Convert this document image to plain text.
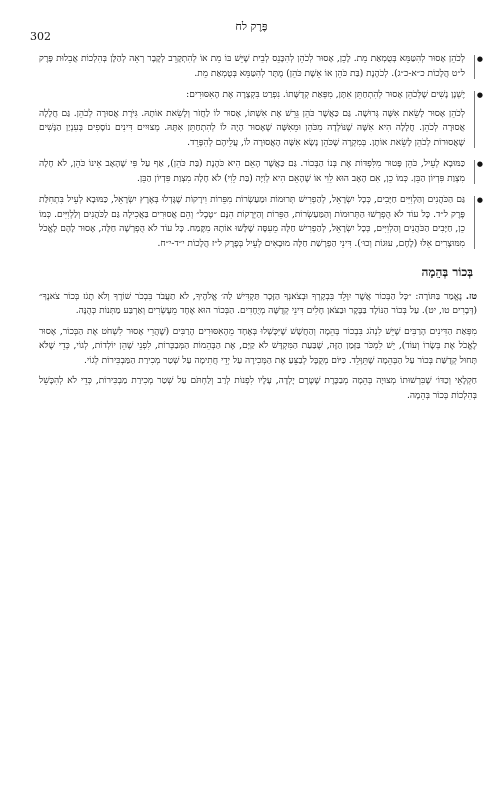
302
פֶּרֶק לח
●

לְכֹהֵן אָסוּר לְהִטַּמֵּא בְּטֻמְאַת מֵת. לָכֵן, אָסוּר לְכֹהֵן לְהִכָּנֵס לְבֵית שֶׁיֵּשׁ בּוֹ מֵת אוֹ לְהִתְקָרֵב לְקֶבֶר רְאֵה לְהַלָּן בְּהִלְכוֹת אֲבֵלוּת פֶּרֶק ל״ט הֲלָכוֹת כ״א-כ״ג). לְכֹהֶנֶת (בַּת כֹּהֵן אוֹ אֵשֶׁת כֹּהֵן) מֻתָּר לְהִטַּמֵּא בְּטֻמְאַת מֵת.

●

יֶשְׁנָן נָשִׁים שֶׁלְּכֹהֵן אָסוּר לְהִתְחַתֵּן אִתָּן, מִפְּאַת קְדֻשָּׁתוֹ. נִפְרַט בִּקְצָרָה אֶת הָאִסּוּרִים:

לְכֹהֵן אָסוּר לָשֵׂאת אִשָּׁה גְּרוּשָׁה. גַּם כַּאֲשֶׁר כֹּהֵן גֵּרֵשׁ אֶת אִשְׁתּוֹ, אָסוּר לוֹ לַחֲזֹר וְלָשֵׂאת אוֹתָהּ. גִּיֹּרֶת אֲסוּרָה לְכֹהֵן. גַּם חֲלָלָה אֲסוּרָה לְכֹהֵן. חֲלָלָה הִיא אִשָּׁה שֶׁנּוֹלְדָה מִכֹּהֵן וּמֵאִשָּׁה שֶׁאָסוּר הָיָה לוֹ לְהִתְחַתֵּן אִתָּהּ. מְצוּיִים דִּינִים נוֹסָפִים בְּעִנְיַן הַנָּשִׁים שֶׁאֲסוּרוֹת לְכֹהֵן לָשֵׂאת אוֹתָן. בְּמִקְרֶה שֶׁכֹּהֵן נָשָׂא אִשָּׁה הָאֲסוּרָה לוֹ, עֲלֵיהֶם לְהִפָּרֵד.

●

כַּמּוּבָא לְעֵיל, כֹּהֵן פָּטוּר מִלִּפְדּוֹת אֶת בְּנוֹ הַבְּכוֹר. גַּם כַּאֲשֶׁר הָאֵם הִיא כֹּהֶנֶת (בַּת כֹּהֵן), אַף עַל פִּי שֶׁהָאָב אֵינוֹ כֹּהֵן, לֹא חָלָה מִצְוַת פִּדְיוֹן הַבֵּן. כְּמוֹ כֵן, אִם הָאָב הוּא לֵוִי אוֹ שֶׁהָאֵם הִיא לְוִיָּה (בַּת לֵוִי) לֹא חָלָה מִצְוַת פִּדְיוֹן הַבֵּן.

●

גַּם הַכֹּהֲנִים וְהַלְוִיִּים חַיָּבִים, כְּכָל יִשְׂרָאֵל, לְהַפְרִישׁ תְּרוּמוֹת וּמַעַשְׂרוֹת מִפֵּרוֹת וִירָקוֹת שֶׁגָּדְלוּ בְּאֶרֶץ יִשְׂרָאֵל, כַּמּוּבָא לְעֵיל בִּתְחִלַּת פֶּרֶק ל״ד. כָּל עוֹד לֹא הֻפְרְשׁוּ הַתְּרוּמוֹת וְהַמַּעַשְׂרוֹת, הַפֵּרוֹת וְהַיְּרָקוֹת הִנָּם ״טֶבֶל״ וְהֵם אֲסוּרִים בַּאֲכִילָה גַּם לַכֹּהֲנִים וְלַלְוִיִּים. כְּמוֹ כֵן, חַיָּבִים הַכֹּהֲנִים וְהַלְוִיִּים, כְּכָל יִשְׂרָאֵל, לְהַפְרִישׁ חַלָּה מֵעִסָּה שֶׁלָּשׁוּ אוֹתָהּ מִקֶּמַח. כָּל עוֹד לֹא הֻפְרְשָׁה חַלָּה, אָסוּר לָהֶם לֶאֱכֹל מִמּוּצָרִים אֵלּוּ (לֶחֶם, עוּגוֹת וְכוּ׳). דִּינֵי הַפְרָשַׁת חַלָּה מוּבָאִים לְעֵיל בְּפֶרֶק ל״ז הֲלָכוֹת י״ד-י״ח.

בְּכוֹר בְּהֵמָה

טז. נֶאֱמַר בַּתּוֹרָה: ״כָּל הַבְּכוֹר אֲשֶׁר יִוָּלֵד בִּבְקָרְךָ וּבְצֹאנְךָ הַזָּכָר תַּקְדִּישׁ לַה׳ אֱלֹהֶיךָ, לֹא תַעֲבֹד בִּבְכֹר שׁוֹרֶךָ וְלֹא תָגֹז בְּכוֹר צֹאנֶךָ״ (דְּבָרִים טו, יט). עַל בְּכוֹר הַנּוֹלָד בַּבָּקָר וּבַצֹּאן חָלִים דִּינֵי קְדֻשָּׁה מְיֻחָדִים. הַבְּכוֹר הוּא אֶחָד מֵעֶשְׂרִים וְאַרְבַּע מַתְּנוֹת כְּהֻנָּה.

מִפְּאַת הַדִּינִים הָרַבִּים שֶׁיֵּשׁ לִנְהֹג בִּבְכוֹר בְּהֵמָה וְהַחֲשָׁשׁ שֶׁיִּכָּשְׁלוּ בְּאֶחָד מֵהָאִסּוּרִים הָרַבִּים (שֶׁהֲרֵי אָסוּר לִשְׁחֹט אֶת הַבְּכוֹר, אָסוּר לֶאֱכֹל אֶת בְּשָׂרוֹ וְעוֹד), יֵשׁ לִמְכֹּר בַּזְּמַן הַזֶּה, שֶׁבַּעַת הַמִּקְדָּשׁ לֹא קַיָּם, אֶת הַבְּהֵמוֹת הַמְּבַכְּרוֹת, לִפְנֵי שֶׁהֵן יוֹלְדוֹת, לְגוֹי, כְּדֵי שֶׁלֹּא תָּחוּל קְדֻשַּׁת בְּכוֹר עַל הַבְּהֵמָה שֶׁתֵּוָּלֵד. כַּיּוֹם מְקֻבָּל לְבַצֵּעַ אֶת הַמְּכִירָה עַל יְדֵי חֲתִימָה עַל שְׁטַר מְכִירַת הַמַּבְכִּירוֹת לְגוֹי.

חַקְלָאֵי וְכַדּוֹ׳ שֶׁבִּרְשׁוּתוֹ מְצוּיָה בְּהֵמָה מְבַכֶּרֶת שֶׁטֶּרֶם יָלְדָה, עָלָיו לִפְנוֹת לְרַב וְלַחְתֹּם עַל שְׁטַר מְכִירַת מַבְכִּירוֹת, כְּדֵי לֹא לְהִכָּשֵׁל בְּהִלְכוֹת בְּכוֹר בְּהֵמָה.
